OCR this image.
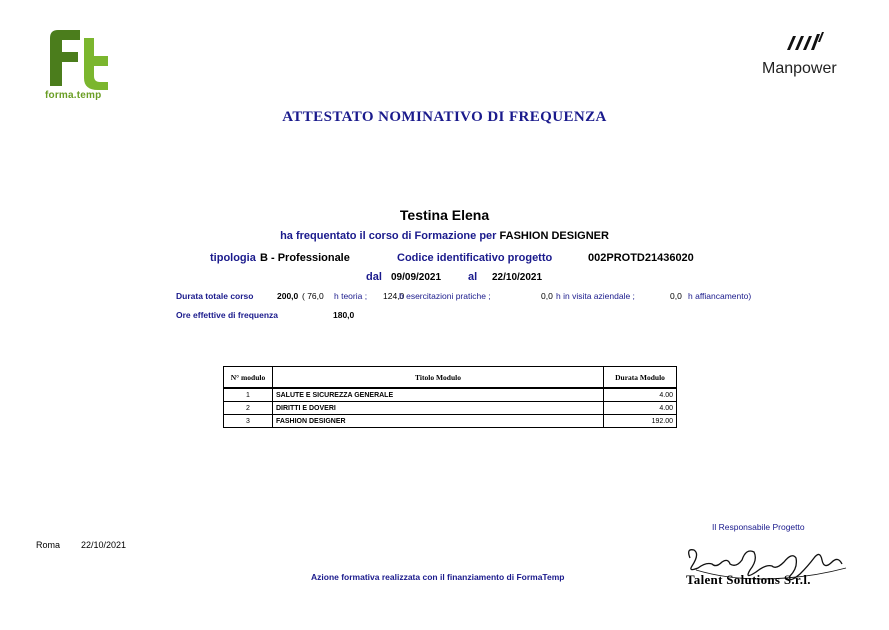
forma.temp
Manpower
ATTESTATO NOMINATIVO DI FREQUENZA
Testina Elena
ha frequentato il corso di Formazione per FASHION DESIGNER
tipologia B - Professionale	Codice identificativo progetto	002PROTD21436020
dal 09/09/2021 al 22/10/2021
Durata totale corso	200,0 ( 76,0 h teoria ; 124,0
h esercitazioni pratiche ;	0,0 h in visita aziendale ;	0,0 h affiancamento)
Ore effettive di frequenza	180,0
N° modulo	Titolo Modulo	Durata Modulo
1	SALUTE E SICUREZZA GENERALE	4.00
2	DIRITTI E DOVERI	4.00
3	FASHION DESIGNER	192.00
Roma 22/10/2021
Il Responsabile Progetto
Azione formativa realizzata con il finanziamento di FormaTemp	Talent Solutions S.r.l.
